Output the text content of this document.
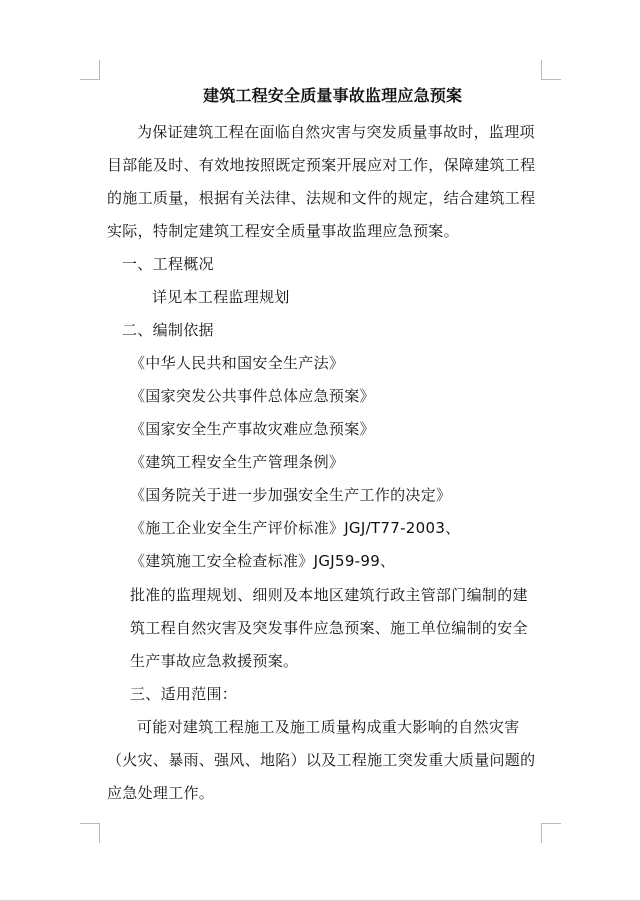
建筑工程安全质量事故监理应急预案
为保证建筑工程在面临自然灾害与突发质量事故时，监理项
目部能及时、有效地按照既定预案开展应对工作，保障建筑工程
的施工质量，根据有关法律、法规和文件的规定，结合建筑工程
实际，特制定建筑工程安全质量事故监理应急预案。
一、工程概况
详见本工程监理规划
二、编制依据
《中华人民共和国安全生产法》
《国家突发公共事件总体应急预案》
《国家安全生产事故灾难应急预案》
《建筑工程安全生产管理条例》
《国务院关于进一步加强安全生产工作的决定》
《施工企业安全生产评价标准》JGJ/T77-2003、
《建筑施工安全检查标准》JGJ59-99、
批准的监理规划、细则及本地区建筑行政主管部门编制的建
筑工程自然灾害及突发事件应急预案、施工单位编制的安全
生产事故应急救援预案。
三、适用范围：
可能对建筑工程施工及施工质量构成重大影响的自然灾害
（火灾、暴雨、强风、地陷）以及工程施工突发重大质量问题的
应急处理工作。
